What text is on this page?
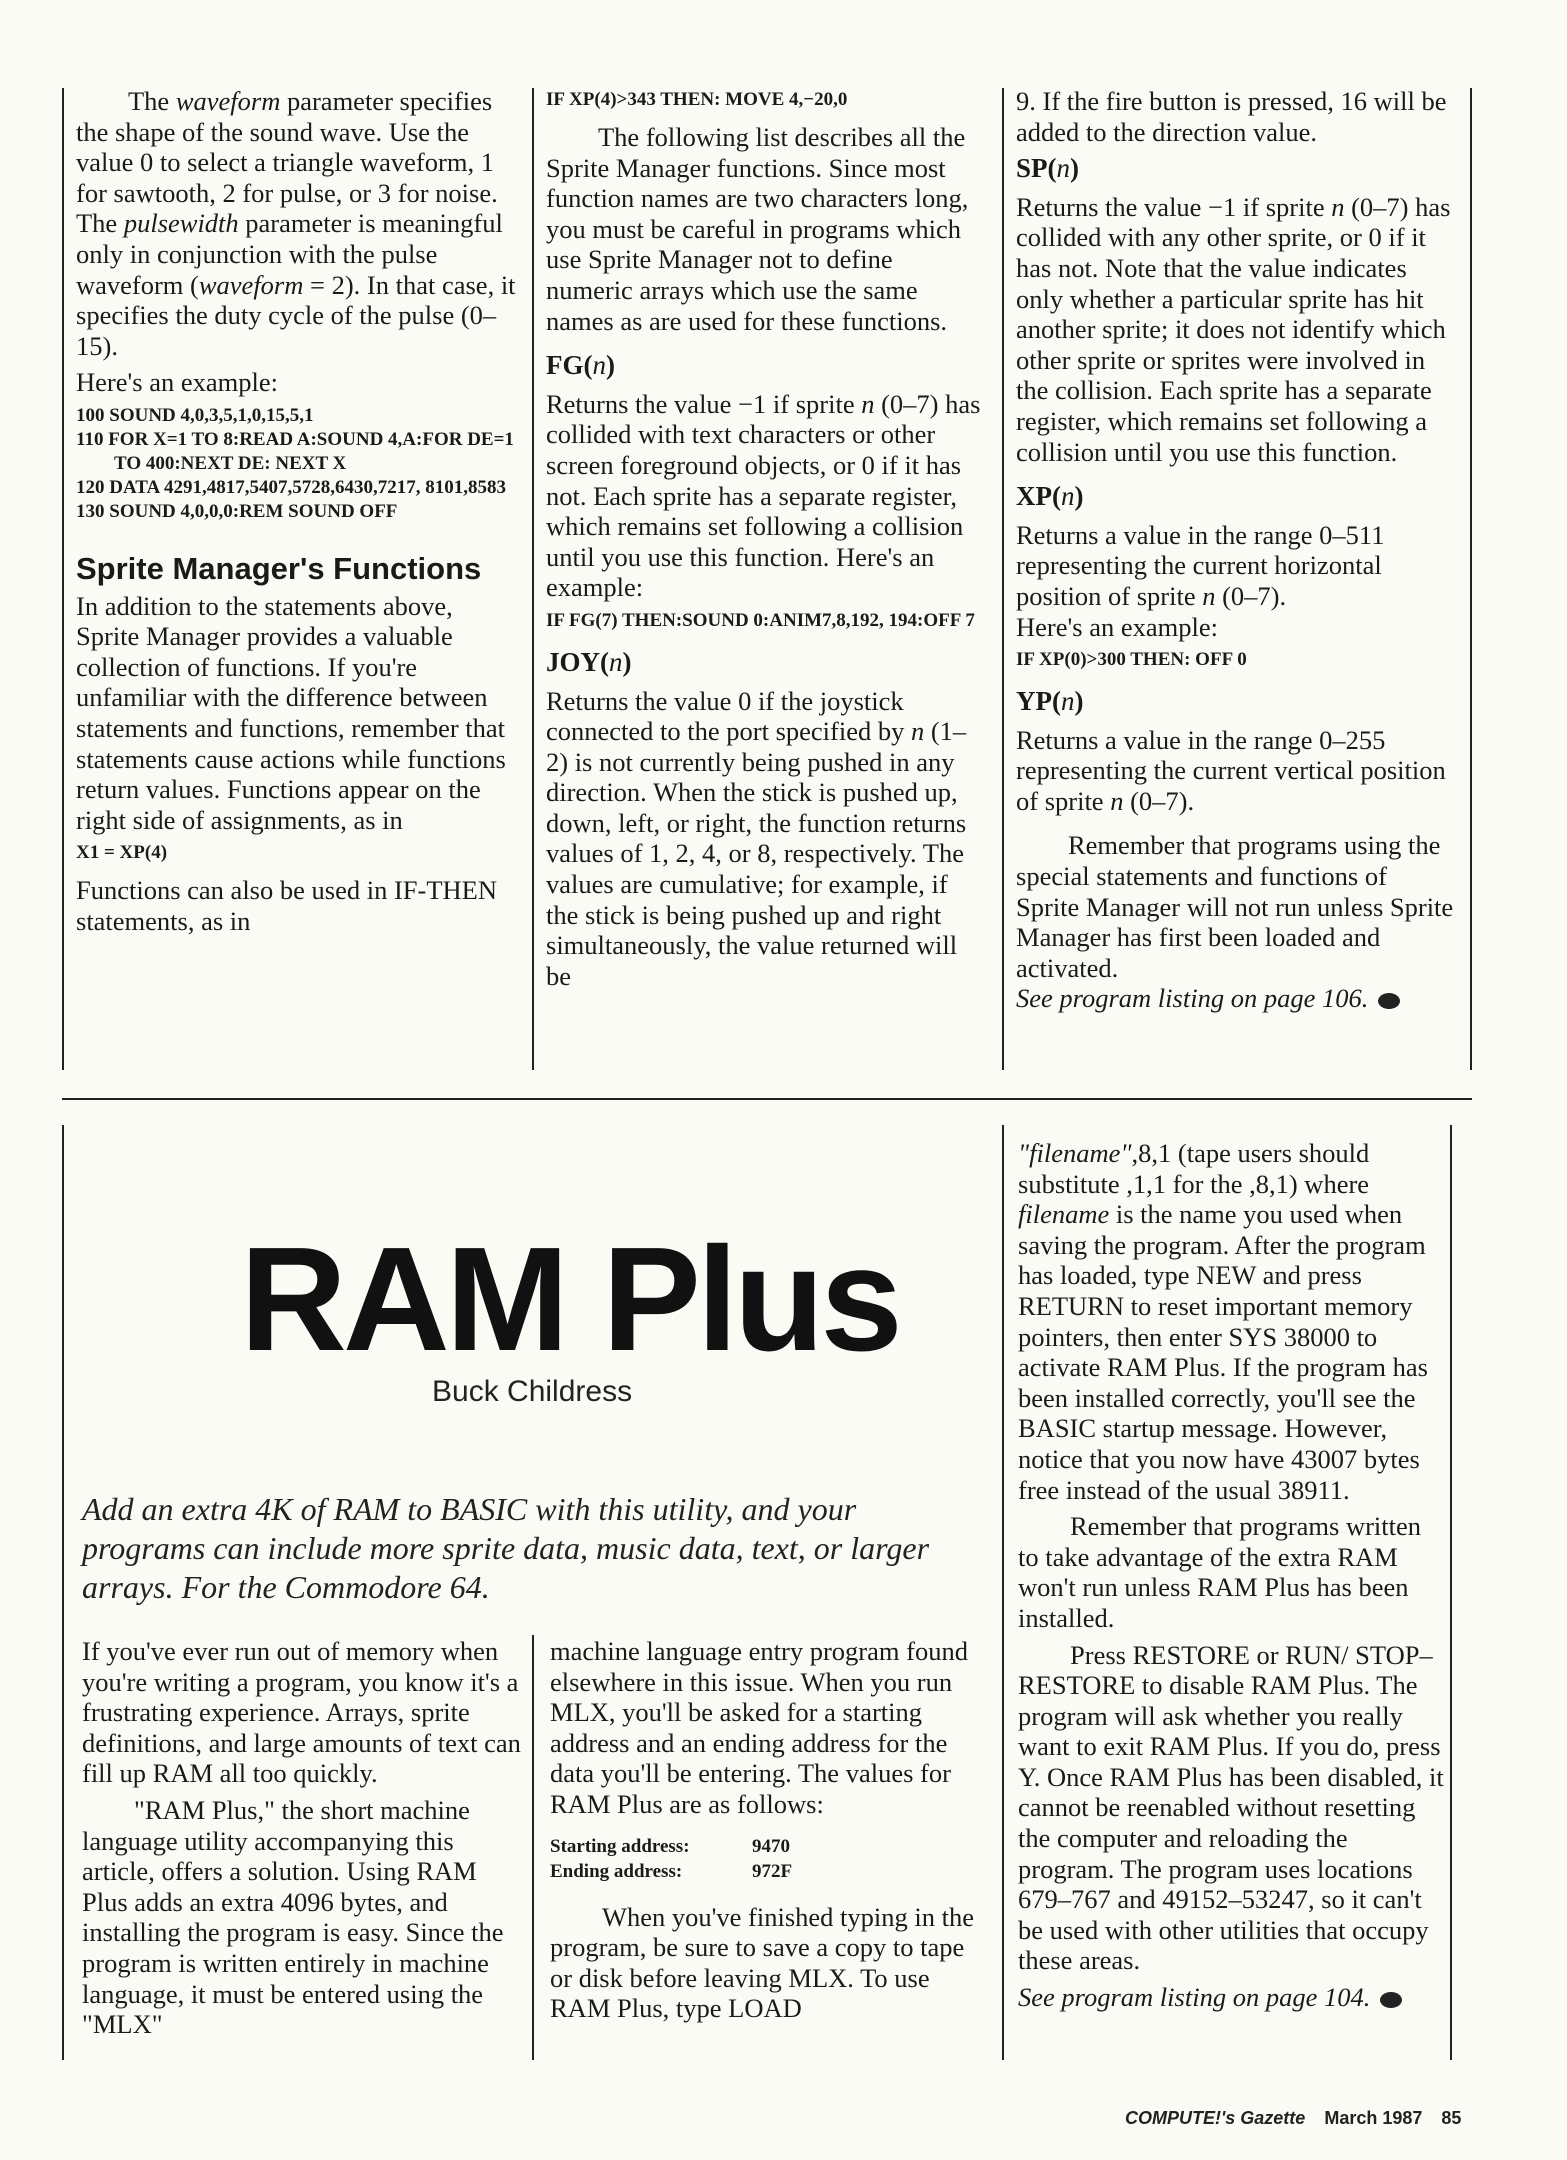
The waveform parameter specifies the shape of the sound wave. Use the value 0 to select a triangle waveform, 1 for sawtooth, 2 for pulse, or 3 for noise. The pulsewidth parameter is meaningful only in conjunction with the pulse waveform (waveform = 2). In that case, it specifies the duty cycle of the pulse (0–15).

Here's an example:

100 SOUND 4,0,3,5,1,0,15,5,1
110 FOR X=1 TO 8:READ A:SOUND 4,A:FOR DE=1 TO 400:NEXT DE: NEXT X
120 DATA 4291,4817,5407,5728,6430,7217, 8101,8583
130 SOUND 4,0,0,0:REM SOUND OFF
Sprite Manager's Functions

In addition to the statements above, Sprite Manager provides a valuable collection of functions. If you're unfamiliar with the difference between statements and functions, remember that statements cause actions while functions return values. Functions appear on the right side of assignments, as in

X1 = XP(4)

Functions can also be used in IF-THEN statements, as in

IF XP(4)>343 THEN: MOVE 4,−20,0

The following list describes all the Sprite Manager functions. Since most function names are two characters long, you must be careful in programs which use Sprite Manager not to define numeric arrays which use the same names as are used for these functions.

FG(n)

Returns the value −1 if sprite n (0–7) has collided with text characters or other screen foreground objects, or 0 if it has not. Each sprite has a separate register, which remains set following a collision until you use this function. Here's an example:

IF FG(7) THEN:SOUND 0:ANIM7,8,192, 194:OFF 7
JOY(n)

Returns the value 0 if the joystick connected to the port specified by n (1–2) is not currently being pushed in any direction. When the stick is pushed up, down, left, or right, the function returns values of 1, 2, 4, or 8, respectively. The values are cumulative; for example, if the stick is being pushed up and right simultaneously, the value returned will be

9. If the fire button is pressed, 16 will be added to the direction value.

SP(n)

Returns the value −1 if sprite n (0–7) has collided with any other sprite, or 0 if it has not. Note that the value indicates only whether a particular sprite has hit another sprite; it does not identify which other sprite or sprites were involved in the collision. Each sprite has a separate register, which remains set following a collision until you use this function.

XP(n)

Returns a value in the range 0–511 representing the current horizontal position of sprite n (0–7).

Here's an example:

IF XP(0)>300 THEN: OFF 0
YP(n)

Returns a value in the range 0–255 representing the current vertical position of sprite n (0–7).

Remember that programs using the special statements and functions of Sprite Manager will not run unless Sprite Manager has first been loaded and activated.

See program listing on page 106.

RAM Plus
Buck Childress
Add an extra 4K of RAM to BASIC with this utility, and your programs can include more sprite data, music data, text, or larger arrays. For the Commodore 64.

If you've ever run out of memory when you're writing a program, you know it's a frustrating experience. Arrays, sprite definitions, and large amounts of text can fill up RAM all too quickly.

"RAM Plus," the short machine language utility accompanying this article, offers a solution. Using RAM Plus adds an extra 4096 bytes, and installing the program is easy. Since the program is written entirely in machine language, it must be entered using the "MLX"

machine language entry program found elsewhere in this issue. When you run MLX, you'll be asked for a starting address and an ending address for the data you'll be entering. The values for RAM Plus are as follows:

Starting address:	9470
Ending address:	972F

When you've finished typing in the program, be sure to save a copy to tape or disk before leaving MLX. To use RAM Plus, type LOAD

"filename",8,1 (tape users should substitute ,1,1 for the ,8,1) where filename is the name you used when saving the program. After the program has loaded, type NEW and press RETURN to reset important memory pointers, then enter SYS 38000 to activate RAM Plus. If the program has been installed correctly, you'll see the BASIC startup message. However, notice that you now have 43007 bytes free instead of the usual 38911.

Remember that programs written to take advantage of the extra RAM won't run unless RAM Plus has been installed.

Press RESTORE or RUN/ STOP–RESTORE to disable RAM Plus. The program will ask whether you really want to exit RAM Plus. If you do, press Y. Once RAM Plus has been disabled, it cannot be reenabled without resetting the computer and reloading the program. The program uses locations 679–767 and 49152–53247, so it can't be used with other utilities that occupy these areas.

See program listing on page 104.

COMPUTE!'s Gazette March 1987 85
